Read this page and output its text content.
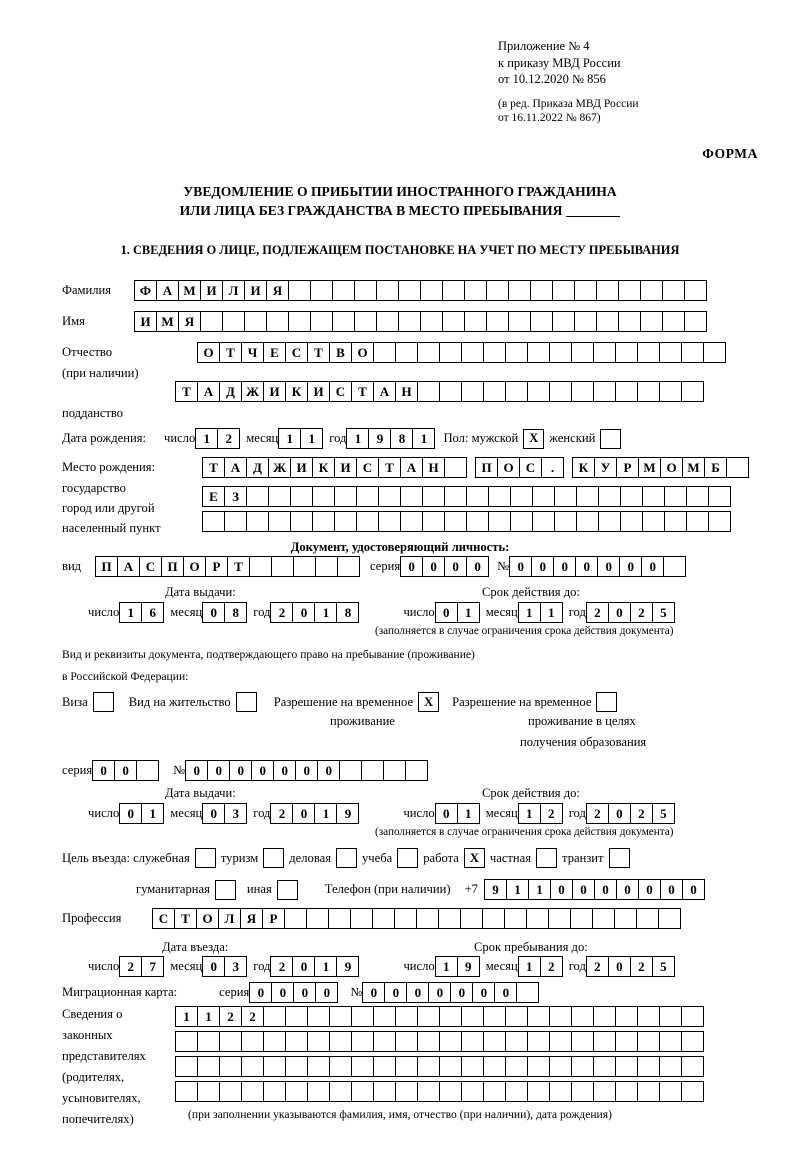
Приложение № 4
к приказу МВД России
от 10.12.2020 № 856
(в ред. Приказа МВД России
от 16.11.2022 № 867)
ФОРМА
УВЕДОМЛЕНИЕ О ПРИБЫТИИ ИНОСТРАННОГО ГРАЖДАНИНА
ИЛИ ЛИЦА БЕЗ ГРАЖДАНСТВА В МЕСТО ПРЕБЫВАНИЯ
1. СВЕДЕНИЯ О ЛИЦЕ, ПОДЛЕЖАЩЕМ ПОСТАНОВКЕ НА УЧЕТ ПО МЕСТУ ПРЕБЫВАНИЯ
Фамилия	Ф А М И Л И Я
Имя	И М Я
Отчество	О Т Ч Е С Т	В О
(при наличии)
Т А Д Ж И К И С Т А Н
подданство
Дата рождения: число 1	2	месяц 1	1	год 1	9	8	1	Пол: мужской X женский
Место рождения:	Т А Д Ж И К И С Т А Н	П О С	.	К У	Р М О М Б
государство
Е	З
город или другой
населенный пункт
Документ, удостоверяющий личность:
вид	П А С П О Р	Т	серия 0	0	0	0	№ 0	0	0	0	0	0	0
Дата выдачи:	Срок действия до:
число 1	6	месяц 0	8	год 2	0	1	8	число 0	1	месяц 1	1	год 2	0	2	5
(заполняется в случае ограничения срока действия документа)
Вид и реквизиты документа, подтверждающего право на пребывание (проживание)
в Российской Федерации:
Виза	Вид на жительство	Разрешение на временное X	Разрешение на временное
проживание	проживание в целях
получения образования
серия 0	0	№ 0	0	0	0	0	0	0
Дата выдачи:	Срок действия до:
число 0	1	месяц 0	3	год 2	0	1	9	число 0	1	месяц 1	2	год 2	0	2	5
(заполняется в случае ограничения срока действия документа)
Цель въезда: служебная туризм деловая учеба работа X частная транзит
гуманитарная	иная	Телефон (при наличии) +7	9	1	1	0	0	0	0	0	0	0
Профессия	С Т О Л Я	Р
Дата въезда:	Срок пребывания до:
число 2	7	месяц 0	3	год 2	0	1	9	число 1	9	месяц 1	2	год 2	0	2	5
Миграционная карта:	серия 0	0	0	0	№ 0	0	0	0	0	0	0
Сведения о
законных
представителях
(родителях,
усыновителях,
попечителях)
1	1	2	2
(при заполнении указываются фамилия, имя, отчество (при наличии), дата рождения)
